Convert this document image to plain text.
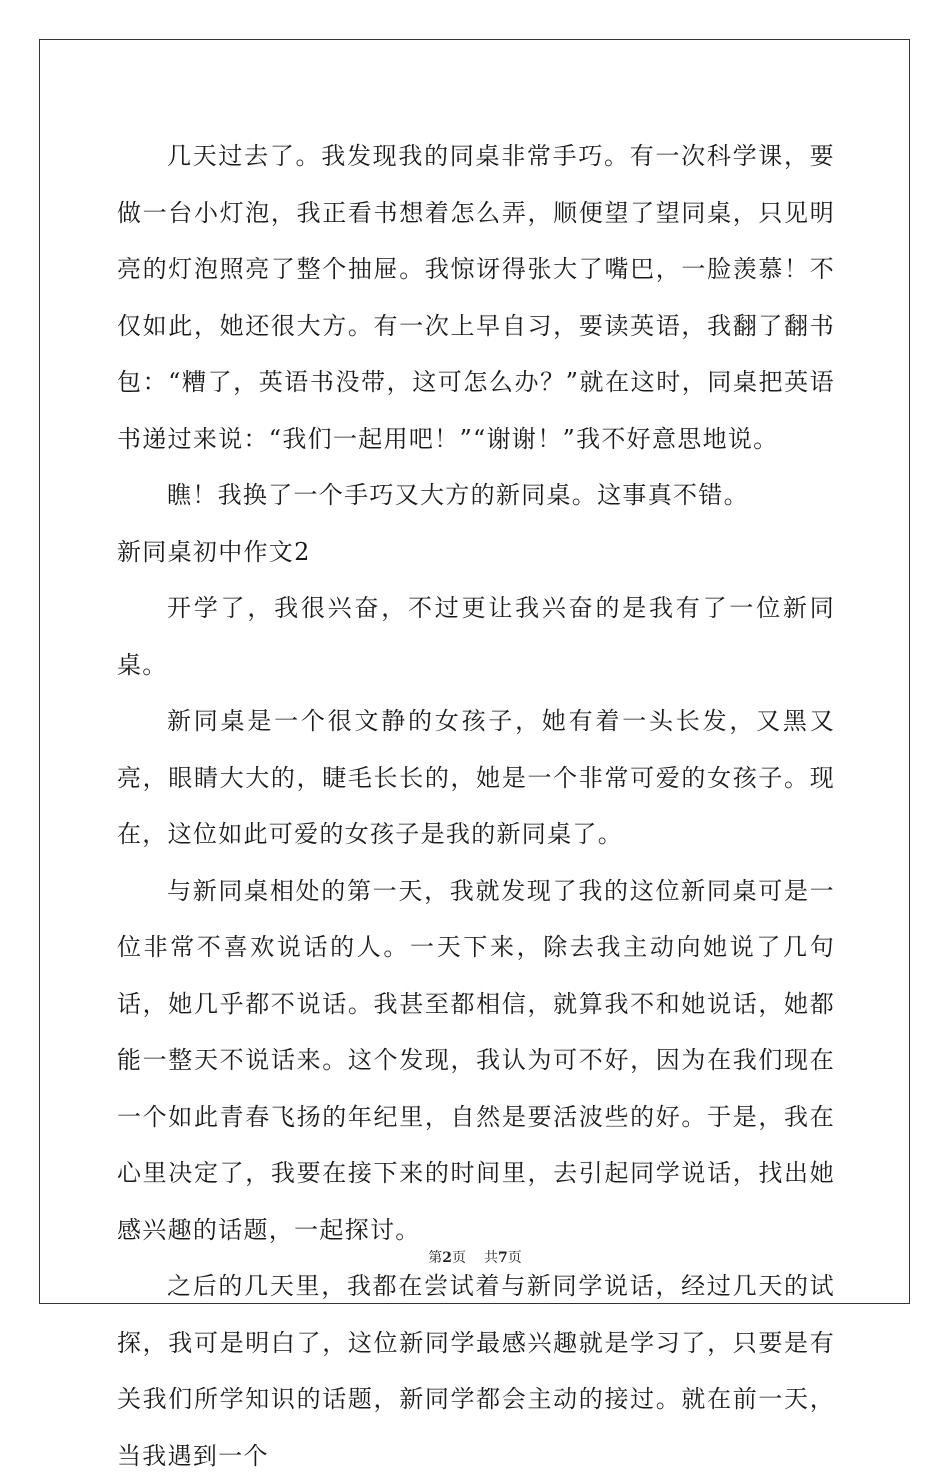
几天过去了。我发现我的同桌非常手巧。有一次科学课，要做一台小灯泡，我正看书想着怎么弄，顺便望了望同桌，只见明亮的灯泡照亮了整个抽屉。我惊讶得张大了嘴巴，一脸羡慕！不仅如此，她还很大方。有一次上早自习，要读英语，我翻了翻书包：“糟了，英语书没带，这可怎么办？”就在这时，同桌把英语书递过来说：“我们一起用吧！”“谢谢！”我不好意思地说。

瞧！我换了一个手巧又大方的新同桌。这事真不错。

新同桌初中作文2

开学了，我很兴奋，不过更让我兴奋的是我有了一位新同桌。

新同桌是一个很文静的女孩子，她有着一头长发，又黑又亮，眼睛大大的，睫毛长长的，她是一个非常可爱的女孩子。现在，这位如此可爱的女孩子是我的新同桌了。

与新同桌相处的第一天，我就发现了我的这位新同桌可是一位非常不喜欢说话的人。一天下来，除去我主动向她说了几句话，她几乎都不说话。我甚至都相信，就算我不和她说话，她都能一整天不说话来。这个发现，我认为可不好，因为在我们现在一个如此青春飞扬的年纪里，自然是要活波些的好。于是，我在心里决定了，我要在接下来的时间里，去引起同学说话，找出她感兴趣的话题，一起探讨。

之后的几天里，我都在尝试着与新同学说话，经过几天的试探，我可是明白了，这位新同学最感兴趣就是学习了，只要是有关我们所学知识的话题，新同学都会主动的接过。就在前一天，当我遇到一个

第2页 共7页
